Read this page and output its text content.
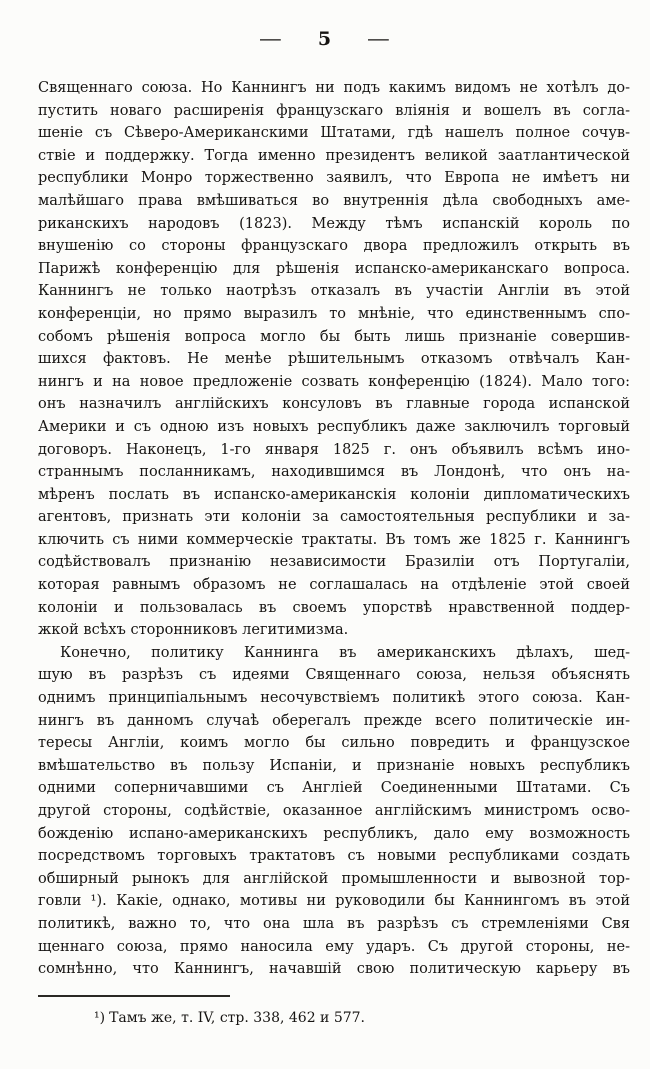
— 5 —
Священнаго союза. Но Каннингъ ни подъ какимъ видомъ не хотѣлъ до-
пустить новаго расширенія французскаго вліянія и вошелъ въ согла-
шеніе съ Сѣверо-Американскими Штатами, гдѣ нашелъ полное сочув-
ствіе и поддержку. Тогда именно президентъ великой заатлантической
республики Монро торжественно заявилъ, что Европа не имѣетъ ни
малѣйшаго права вмѣшиваться во внутреннія дѣла свободныхъ аме-
риканскихъ народовъ (1823). Между тѣмъ испанскій король по
внушенію со стороны французскаго двора предложилъ открыть въ
Парижѣ конференцію для рѣшенія испанско-американскаго вопроса.
Каннингъ не только наотрѣзъ отказалъ въ участіи Англіи въ этой
конференціи, но прямо выразилъ то мнѣніе, что единственнымъ спо-
собомъ рѣшенія вопроса могло бы быть лишь признаніе совершив-
шихся фактовъ. Не менѣе рѣшительнымъ отказомъ отвѣчалъ Кан-
нингъ и на новое предложеніе созвать конференцію (1824). Мало того:
онъ назначилъ англійскихъ консуловъ въ главные города испанской
Америки и съ одною изъ новыхъ республикъ даже заключилъ торговый
договоръ. Наконецъ, 1-го января 1825 г. онъ объявилъ всѣмъ ино-
страннымъ посланникамъ, находившимся въ Лондонѣ, что онъ на-
мѣренъ послать въ испанско-американскія колоніи дипломатическихъ
агентовъ, признать эти колоніи за самостоятельныя республики и за-
ключить съ ними коммерческіе трактаты. Въ томъ же 1825 г. Каннингъ
содѣйствовалъ признанію независимости Бразиліи отъ Португаліи,
которая равнымъ образомъ не соглашалась на отдѣленіе этой своей
колоніи и пользовалась въ своемъ упорствѣ нравственной поддер-
жкой всѣхъ сторонниковъ легитимизма.
Конечно, политику Каннинга въ американскихъ дѣлахъ, шед-
шую въ разрѣзъ съ идеями Священнаго союза, нельзя объяснять
однимъ принципіальнымъ несочувствіемъ политикѣ этого союза. Кан-
нингъ въ данномъ случаѣ оберегалъ прежде всего политическіе ин-
тересы Англіи, коимъ могло бы сильно повредить и французское
вмѣшательство въ пользу Испаніи, и признаніе новыхъ республикъ
одними соперничавшими съ Англіей Соединенными Штатами. Съ
другой стороны, содѣйствіе, оказанное англійскимъ министромъ осво-
божденію испано-американскихъ республикъ, дало ему возможность
посредствомъ торговыхъ трактатовъ съ новыми республиками создать
обширный рынокъ для англійской промышленности и вывозной тор-
говли ¹). Какіе, однако, мотивы ни руководили бы Каннингомъ въ этой
политикѣ, важно то, что она шла въ разрѣзъ съ стремленіями Свя
щеннаго союза, прямо наносила ему ударъ. Съ другой стороны, не-
сомнѣнно, что Каннингъ, начавшій свою политическую карьеру въ
¹) Тамъ же, т. IV, стр. 338, 462 и 577.
